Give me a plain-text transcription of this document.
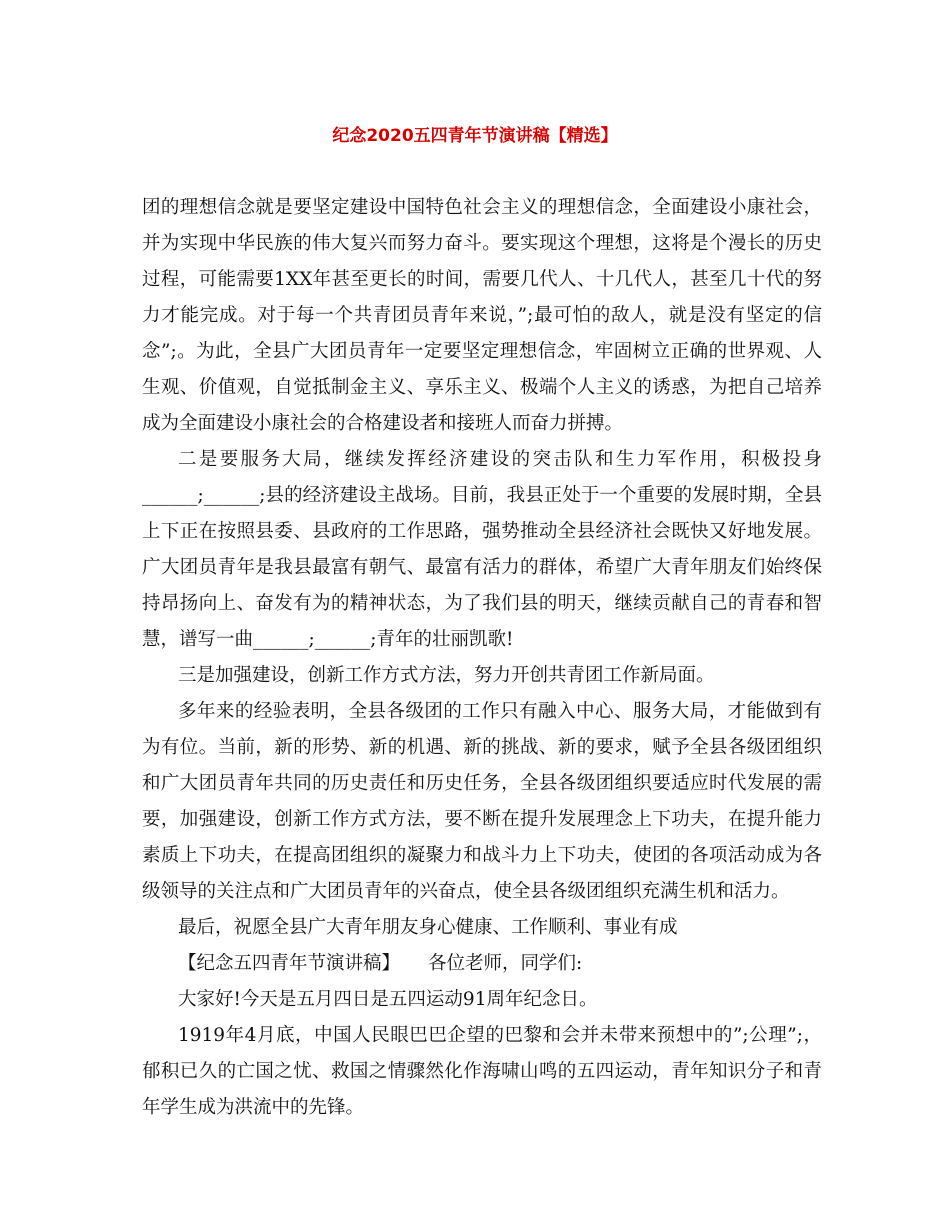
纪念2020五四青年节演讲稿【精选】

团的理想信念就是要坚定建设中国特色社会主义的理想信念，全面建设小康社会，并为实现中华民族的伟大复兴而努力奋斗。要实现这个理想，这将是个漫长的历史过程，可能需要1XX年甚至更长的时间，需要几代人、十几代人，甚至几十代的努力才能完成。对于每一个共青团员青年来说，”;最可怕的敌人，就是没有坚定的信念”;。为此，全县广大团员青年一定要坚定理想信念，牢固树立正确的世界观、人生观、价值观，自觉抵制金主义、享乐主义、极端个人主义的诱惑，为把自己培养成为全面建设小康社会的合格建设者和接班人而奋力拼搏。

二是要服务大局，继续发挥经济建设的突击队和生力军作用，积极投身______;______;县的经济建设主战场。目前，我县正处于一个重要的发展时期，全县上下正在按照县委、县政府的工作思路，强势推动全县经济社会既快又好地发展。广大团员青年是我县最富有朝气、最富有活力的群体，希望广大青年朋友们始终保持昂扬向上、奋发有为的精神状态，为了我们县的明天，继续贡献自己的青春和智慧，谱写一曲______;______;青年的壮丽凯歌!

三是加强建设，创新工作方式方法，努力开创共青团工作新局面。

多年来的经验表明，全县各级团的工作只有融入中心、服务大局，才能做到有为有位。当前，新的形势、新的机遇、新的挑战、新的要求，赋予全县各级团组织和广大团员青年共同的历史责任和历史任务，全县各级团组织要适应时代发展的需要，加强建设，创新工作方式方法，要不断在提升发展理念上下功夫，在提升能力素质上下功夫，在提高团组织的凝聚力和战斗力上下功夫，使团的各项活动成为各级领导的关注点和广大团员青年的兴奋点，使全县各级团组织充满生机和活力。

最后，祝愿全县广大青年朋友身心健康、工作顺利、事业有成

【纪念五四青年节演讲稿】 各位老师，同学们:

大家好!今天是五月四日是五四运动91周年纪念日。

1919年4月底，中国人民眼巴巴企望的巴黎和会并未带来预想中的”;公理”;，郁积已久的亡国之忧、救国之情骤然化作海啸山鸣的五四运动，青年知识分子和青年学生成为洪流中的先锋。
